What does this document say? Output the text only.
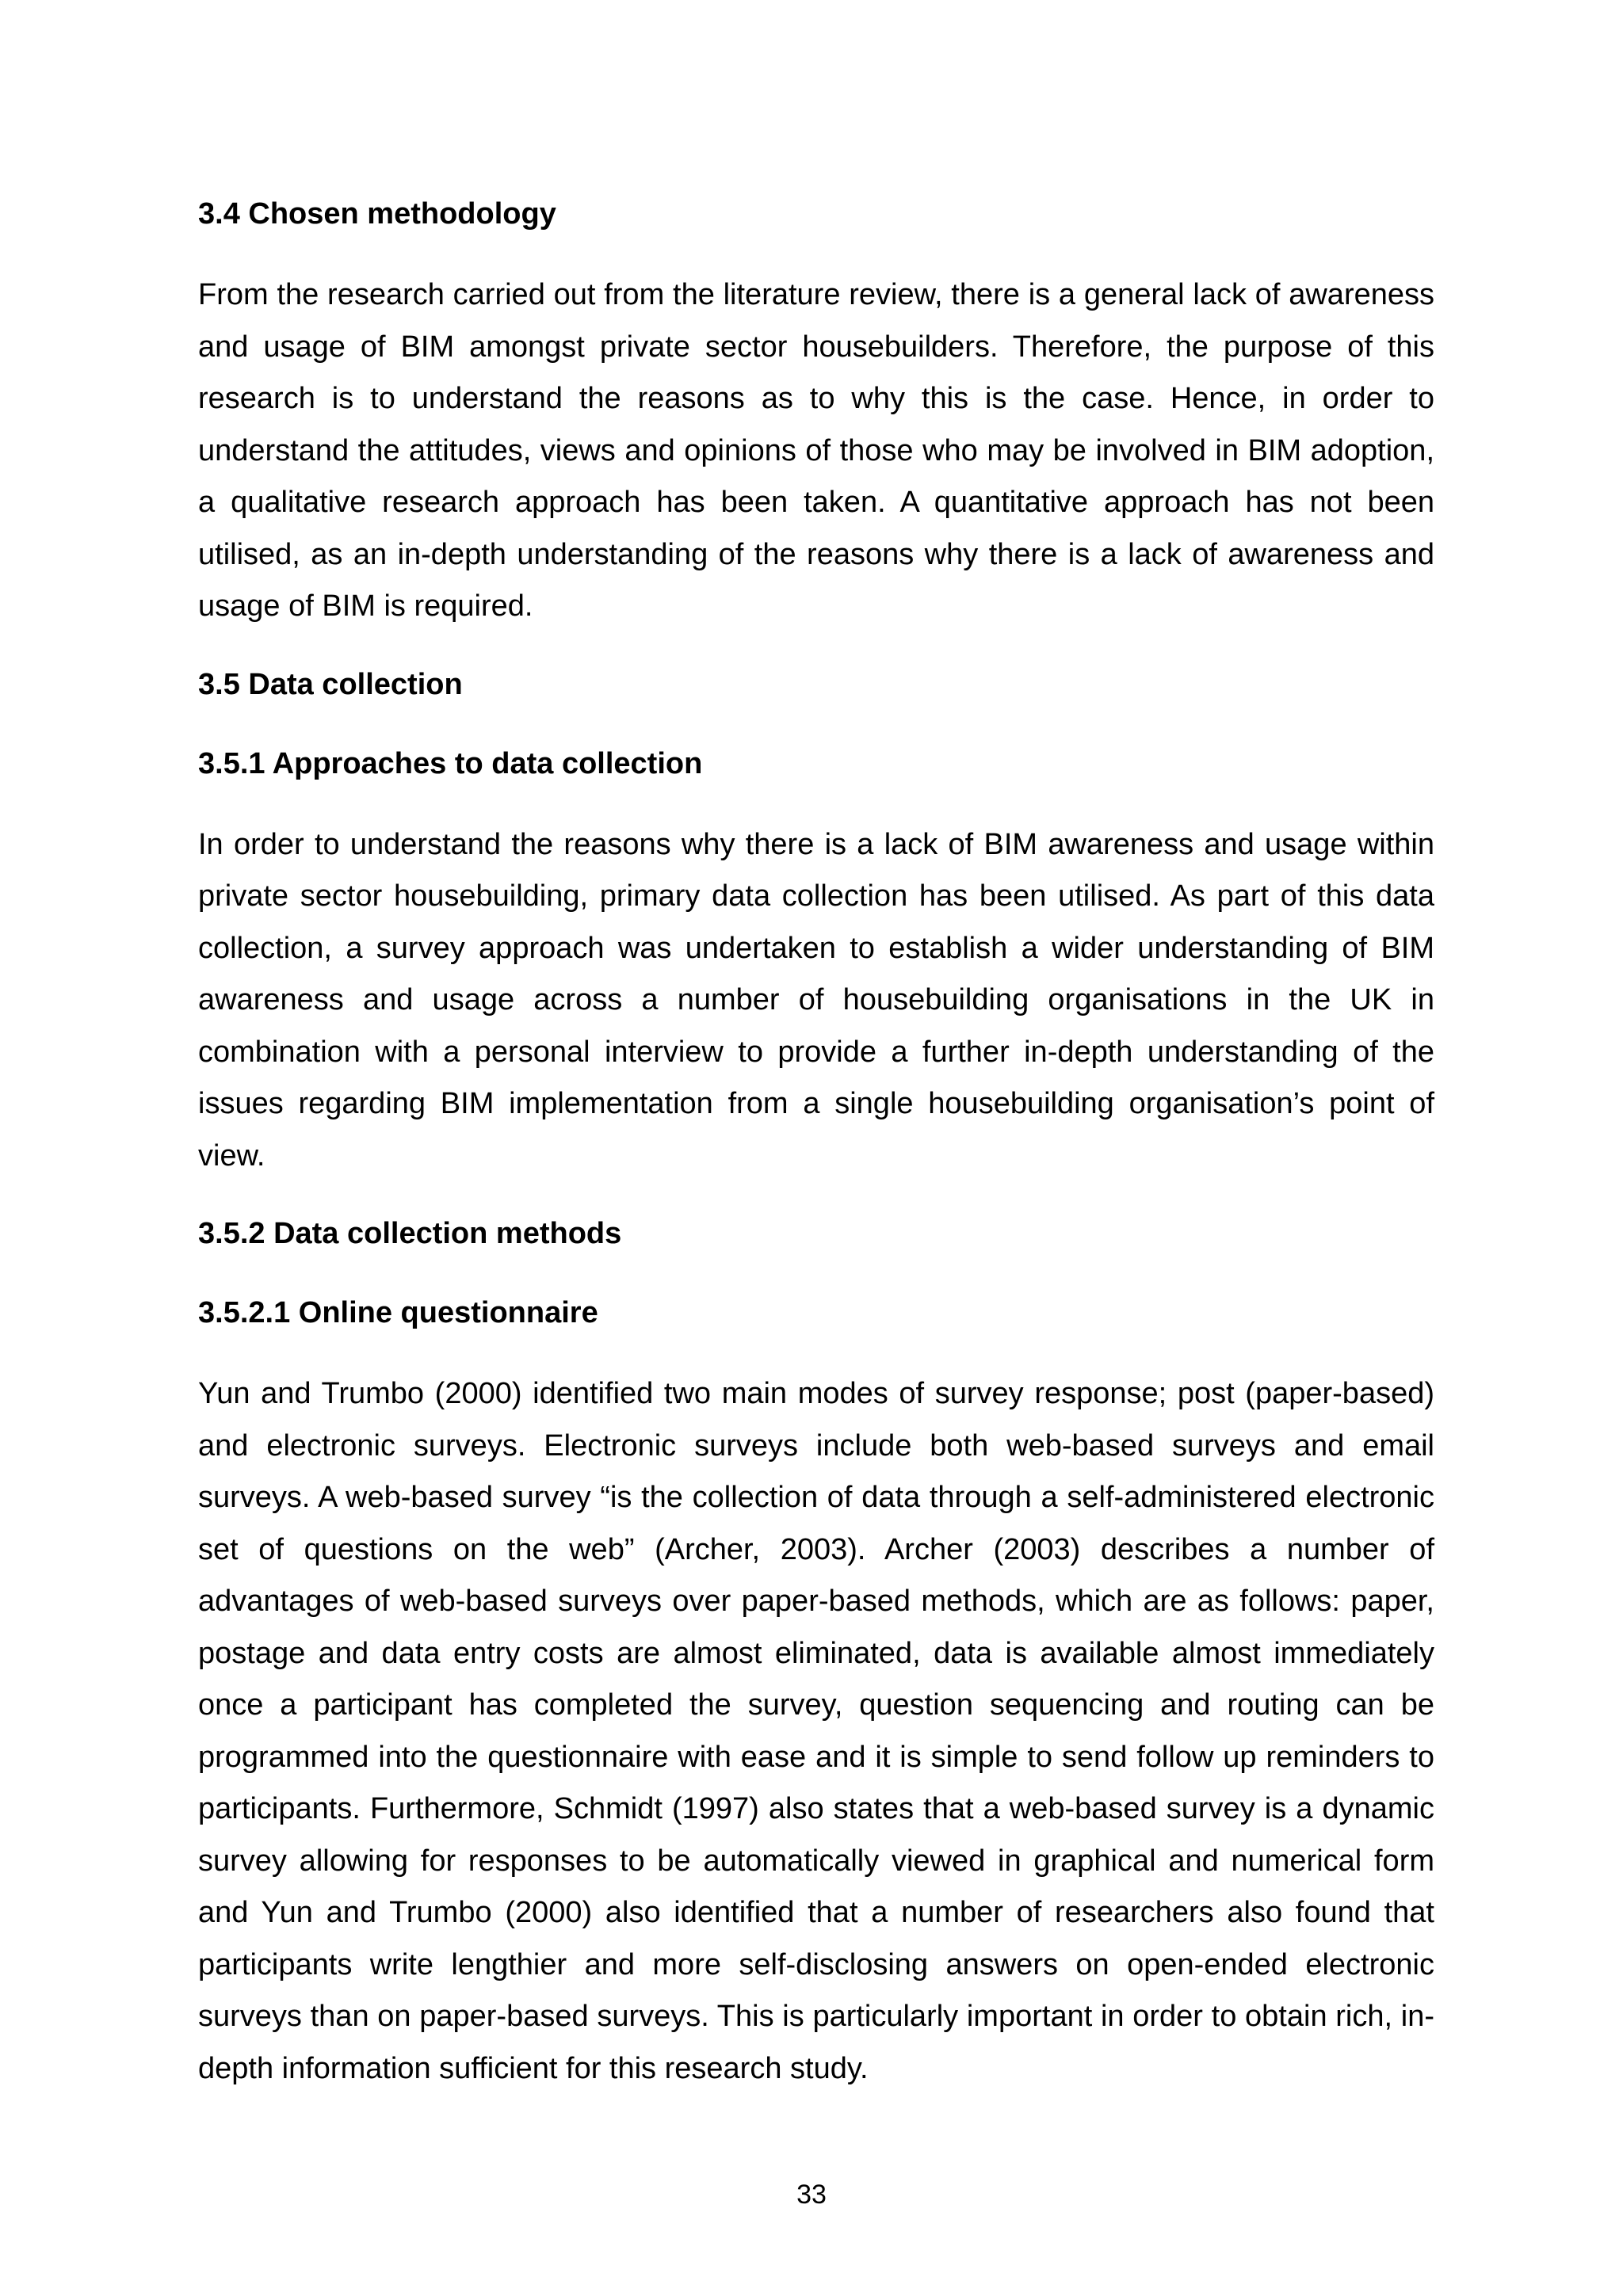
3.4 Chosen methodology

From the research carried out from the literature review, there is a general lack of awareness and usage of BIM amongst private sector housebuilders. Therefore, the purpose of this research is to understand the reasons as to why this is the case. Hence, in order to understand the attitudes, views and opinions of those who may be involved in BIM adoption, a qualitative research approach has been taken. A quantitative approach has not been utilised, as an in-depth understanding of the reasons why there is a lack of awareness and usage of BIM is required.

3.5 Data collection
3.5.1 Approaches to data collection

In order to understand the reasons why there is a lack of BIM awareness and usage within private sector housebuilding, primary data collection has been utilised. As part of this data collection, a survey approach was undertaken to establish a wider understanding of BIM awareness and usage across a number of housebuilding organisations in the UK in combination with a personal interview to provide a further in-depth understanding of the issues regarding BIM implementation from a single housebuilding organisation’s point of view.

3.5.2 Data collection methods
3.5.2.1 Online questionnaire

Yun and Trumbo (2000) identified two main modes of survey response; post (paper-based) and electronic surveys. Electronic surveys include both web-based surveys and email surveys. A web-based survey “is the collection of data through a self-administered electronic set of questions on the web” (Archer, 2003). Archer (2003) describes a number of advantages of web-based surveys over paper-based methods, which are as follows: paper, postage and data entry costs are almost eliminated, data is available almost immediately once a participant has completed the survey, question sequencing and routing can be programmed into the questionnaire with ease and it is simple to send follow up reminders to participants. Furthermore, Schmidt (1997) also states that a web-based survey is a dynamic survey allowing for responses to be automatically viewed in graphical and numerical form and Yun and Trumbo (2000) also identified that a number of researchers also found that participants write lengthier and more self-disclosing answers on open-ended electronic surveys than on paper-based surveys. This is particularly important in order to obtain rich, in-depth information sufficient for this research study.

33
